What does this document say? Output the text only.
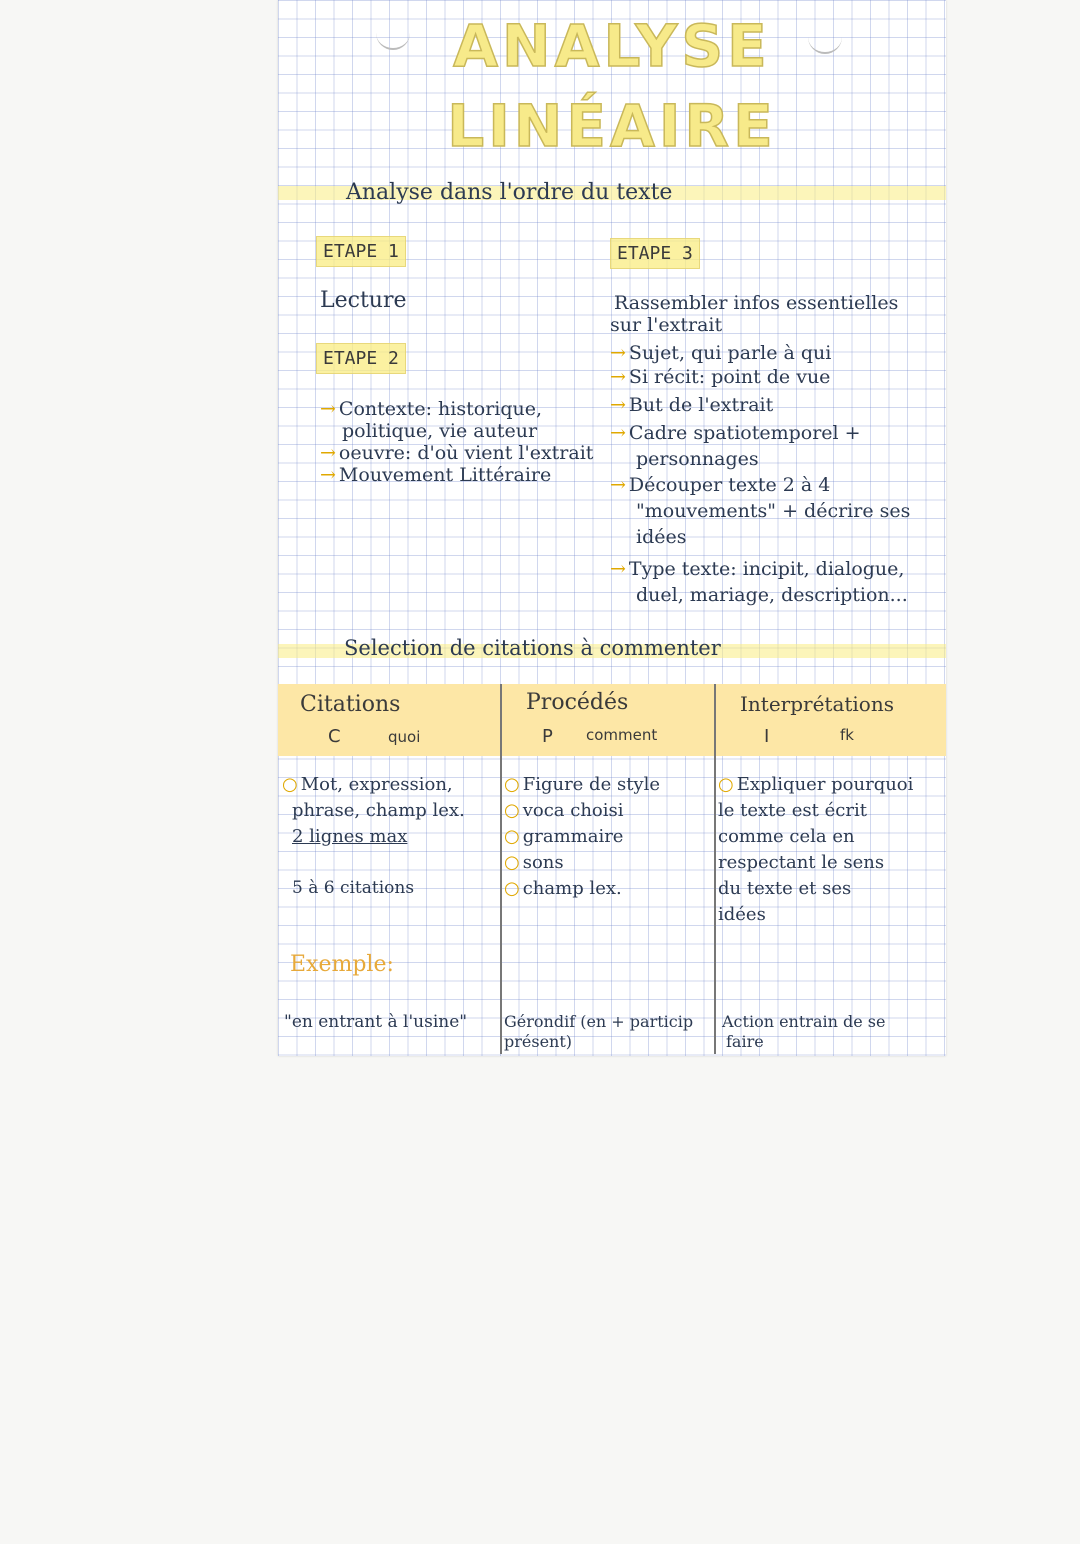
ANALYSE
LINÉAIRE
Analyse dans l'ordre du texte
ETAPE 1
Lecture
ETAPE 2
→ Contexte: historique,
politique, vie auteur
→ oeuvre: d'où vient l'extrait
→ Mouvement Littéraire
ETAPE 3
Rassembler infos essentielles
sur l'extrait
→ Sujet, qui parle à qui
→ Si récit: point de vue
→ But de l'extrait
→ Cadre spatiotemporel +
personnages
→ Découper texte 2 à 4
"mouvements" + décrire ses
idées
→ Type texte: incipit, dialogue,
duel, mariage, description...
Selection de citations à commenter
Citations
C	quoi
Procédés
P comment
Interprétations
I	fk
○ Mot, expression,
phrase, champ lex.
2 lignes max
5 à 6 citations
○ Figure de style
○ voca choisi
○ grammaire
○ sons
○ champ lex.
○ Expliquer pourquoi
le texte est écrit
comme cela en
respectant le sens
du texte et ses
idées
Exemple:
"en entrant à l'usine" Gérondif (en + particip
présent)
Action entrain de se
faire
